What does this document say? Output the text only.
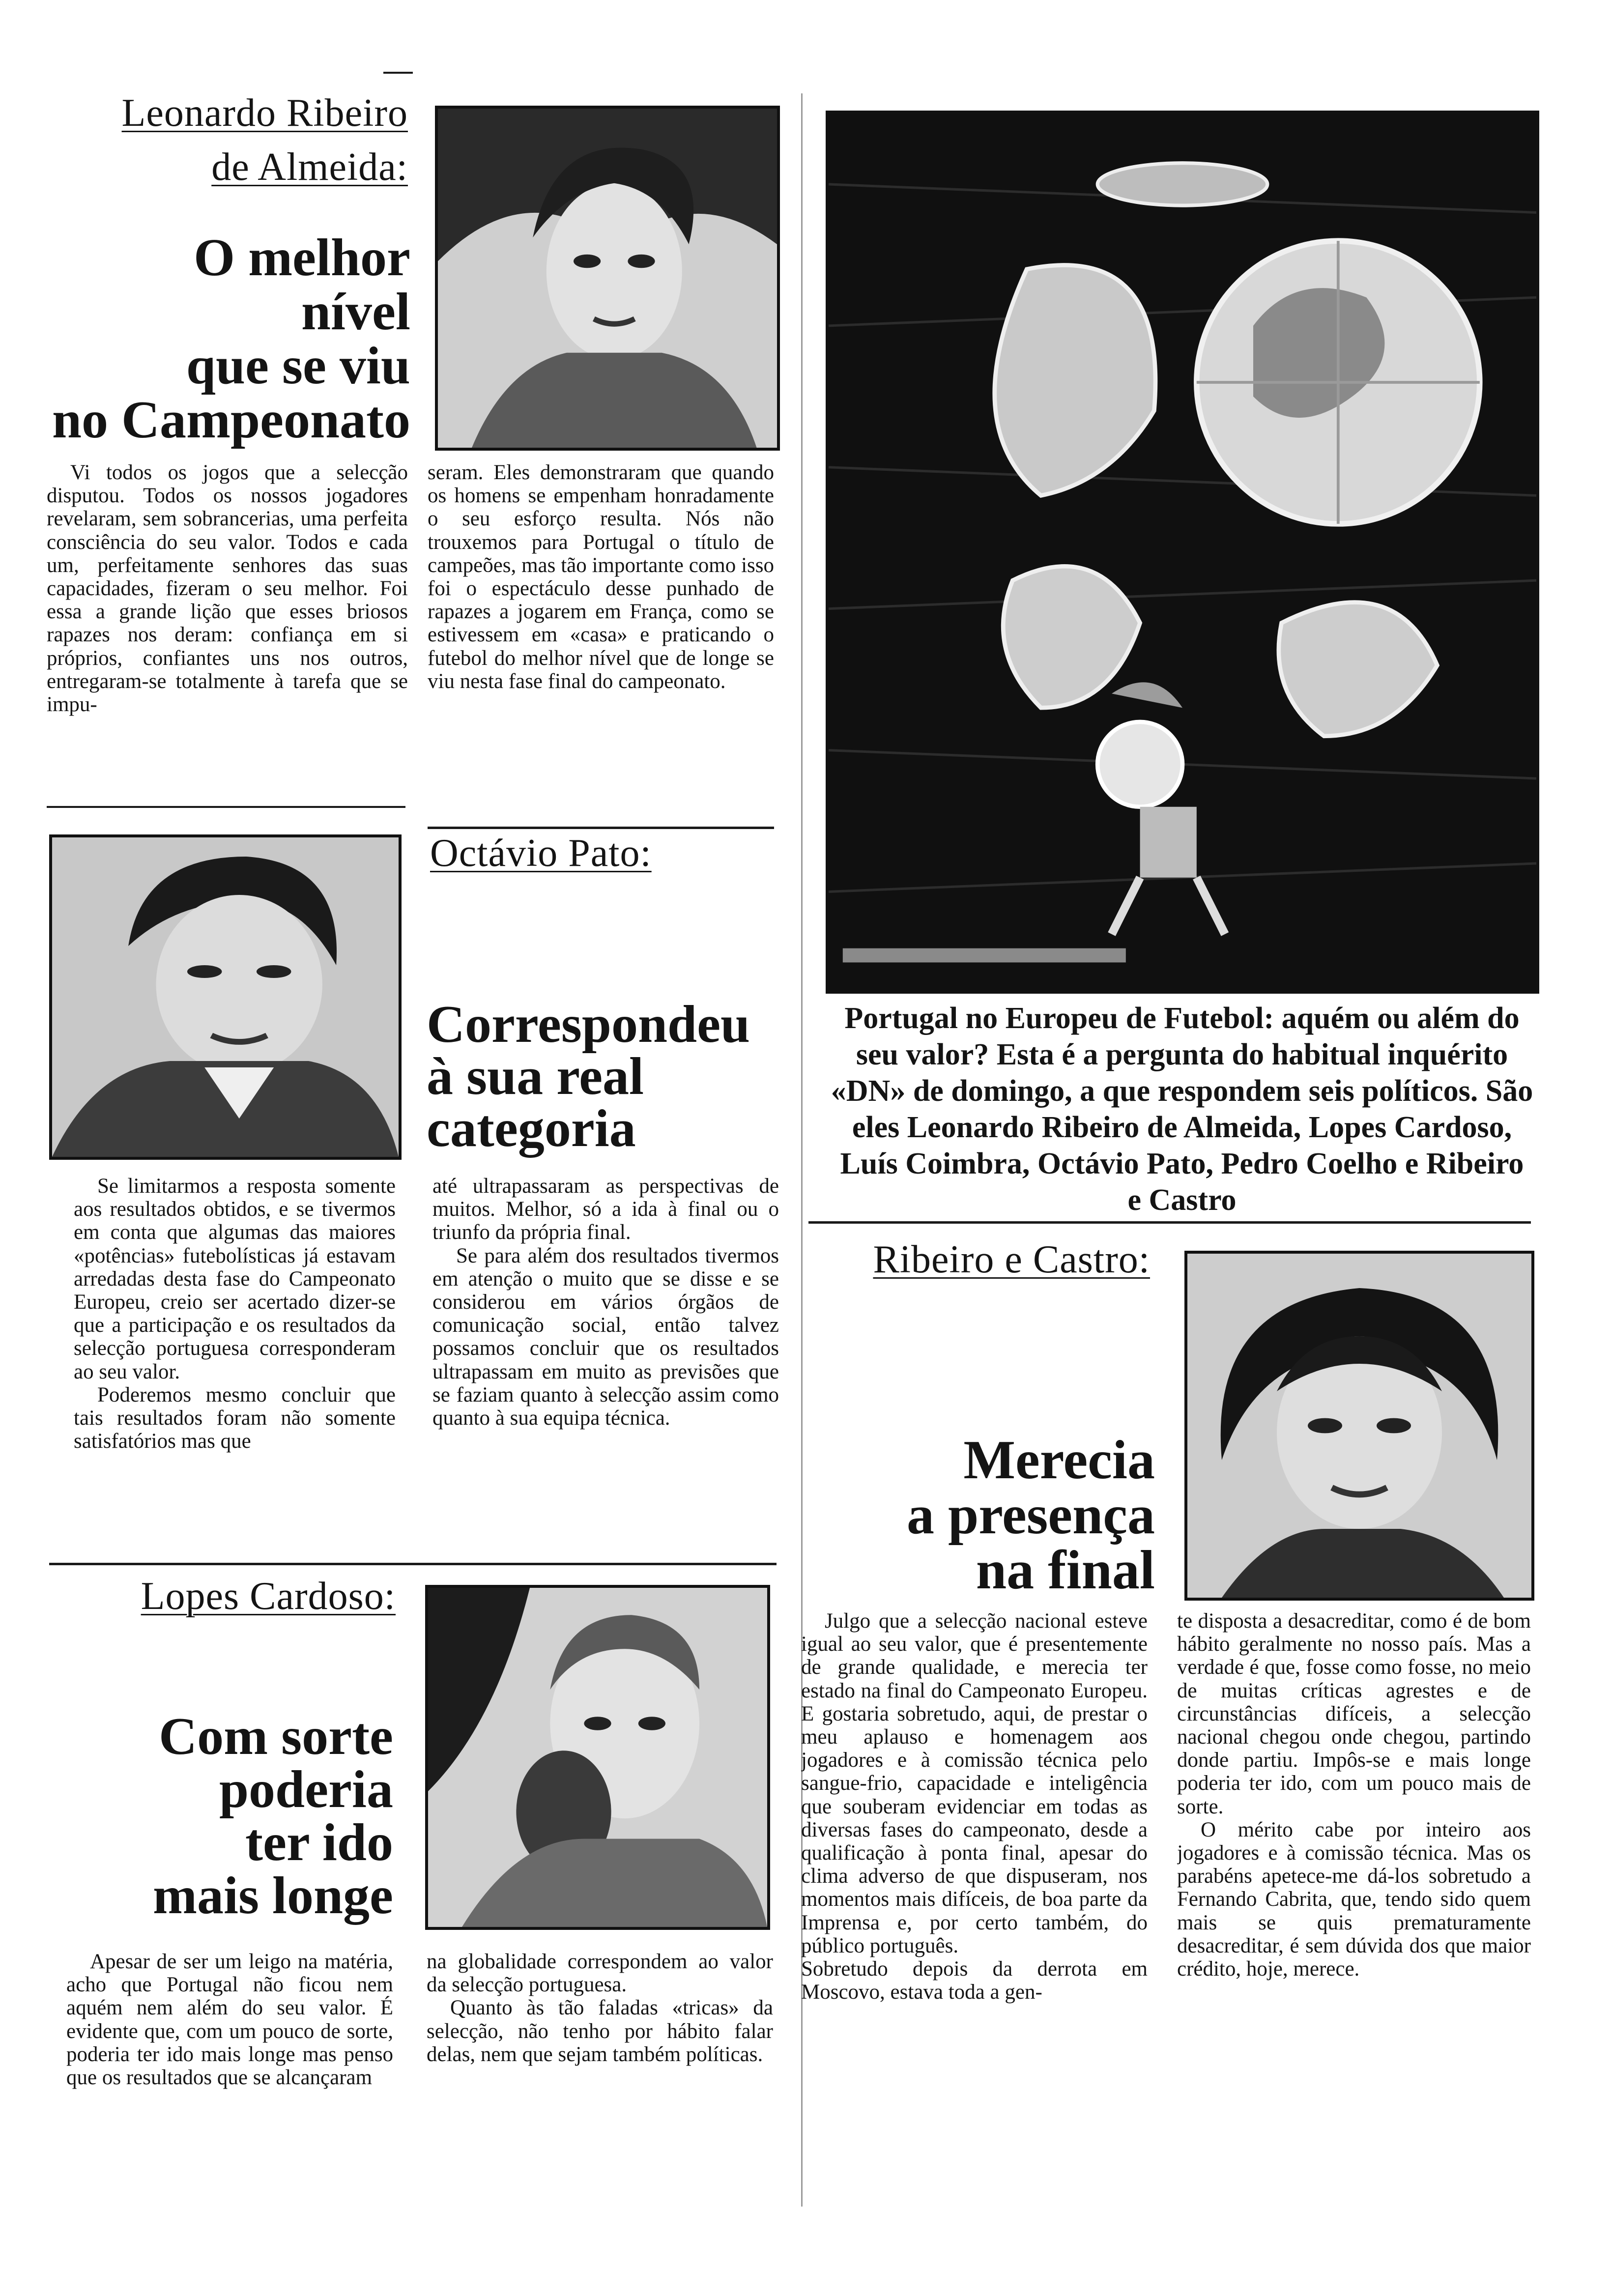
Leonardo Ribeiro
de Almeida:
O melhor
nível
que se viu
no Campeonato

Vi todos os jogos que a selecção disputou. Todos os nossos jogadores revelaram, sem sobrancerias, uma perfeita consciência do seu valor. Todos e cada um, perfeitamente senhores das suas capacidades, fizeram o seu melhor. Foi essa a grande lição que esses briosos rapazes nos deram: confiança em si próprios, confiantes uns nos outros, entregaram-se totalmente à tarefa que se impu-

seram. Eles demonstraram que quando os homens se empenham honradamente o seu esforço resulta. Nós não trouxemos para Portugal o título de campeões, mas tão importante como isso foi o espectáculo desse punhado de rapazes a jogarem em França, como se estivessem em «casa» e praticando o futebol do melhor nível que de longe se viu nesta fase final do campeonato.

Octávio Pato:
Correspondeu
à sua real
categoria

Se limitarmos a resposta somente aos resultados obtidos, e se tivermos em conta que algumas das maiores «potências» futebolísticas já estavam arredadas desta fase do Campeonato Europeu, creio ser acertado dizer-se que a participação e os resultados da selecção portuguesa corresponderam ao seu valor.

Poderemos mesmo concluir que tais resultados foram não somente satisfatórios mas que

até ultrapassaram as perspectivas de muitos. Melhor, só a ida à final ou o triunfo da própria final.

Se para além dos resultados tivermos em atenção o muito que se disse e se considerou em vários órgãos de comunicação social, então talvez possamos concluir que os resultados ultrapassam em muito as previsões que se faziam quanto à selecção assim como quanto à sua equipa técnica.

Lopes Cardoso:
Com sorte
poderia
ter ido
mais longe

Apesar de ser um leigo na matéria, acho que Portugal não ficou nem aquém nem além do seu valor. É evidente que, com um pouco de sorte, poderia ter ido mais longe mas penso que os resultados que se alcançaram

na globalidade correspondem ao valor da selecção portuguesa.

Quanto às tão faladas «tricas» da selecção, não tenho por hábito falar delas, nem que sejam também políticas.

Portugal no Europeu de Futebol: aquém ou além do seu valor? Esta é a pergunta do habitual inquérito «DN» de domingo, a que respondem seis políticos. São eles Leonardo Ribeiro de Almeida, Lopes Cardoso, Luís Coimbra, Octávio Pato, Pedro Coelho e Ribeiro e Castro
Ribeiro e Castro:
Merecia
a presença
na final

Julgo que a selecção nacional esteve igual ao seu valor, que é presentemente de grande qualidade, e merecia ter estado na final do Campeonato Europeu. E gostaria sobretudo, aqui, de prestar o meu aplauso e homenagem aos jogadores e à comissão técnica pelo sangue-frio, capacidade e inteligência que souberam evidenciar em todas as diversas fases do campeonato, desde a qualificação à ponta final, apesar do clima adverso de que dispuseram, nos momentos mais difíceis, de boa parte da Imprensa e, por certo também, do público português.

Sobretudo depois da derrota em Moscovo, estava toda a gen-

te disposta a desacreditar, como é de bom hábito geralmente no nosso país. Mas a verdade é que, fosse como fosse, no meio de muitas críticas agrestes e de circunstâncias difíceis, a selecção nacional chegou onde chegou, partindo donde partiu. Impôs-se e mais longe poderia ter ido, com um pouco mais de sorte.

O mérito cabe por inteiro aos jogadores e à comissão técnica. Mas os parabéns apetece-me dá-los sobretudo a Fernando Cabrita, que, tendo sido quem mais se quis prematuramente desacreditar, é sem dúvida dos que maior crédito, hoje, merece.
